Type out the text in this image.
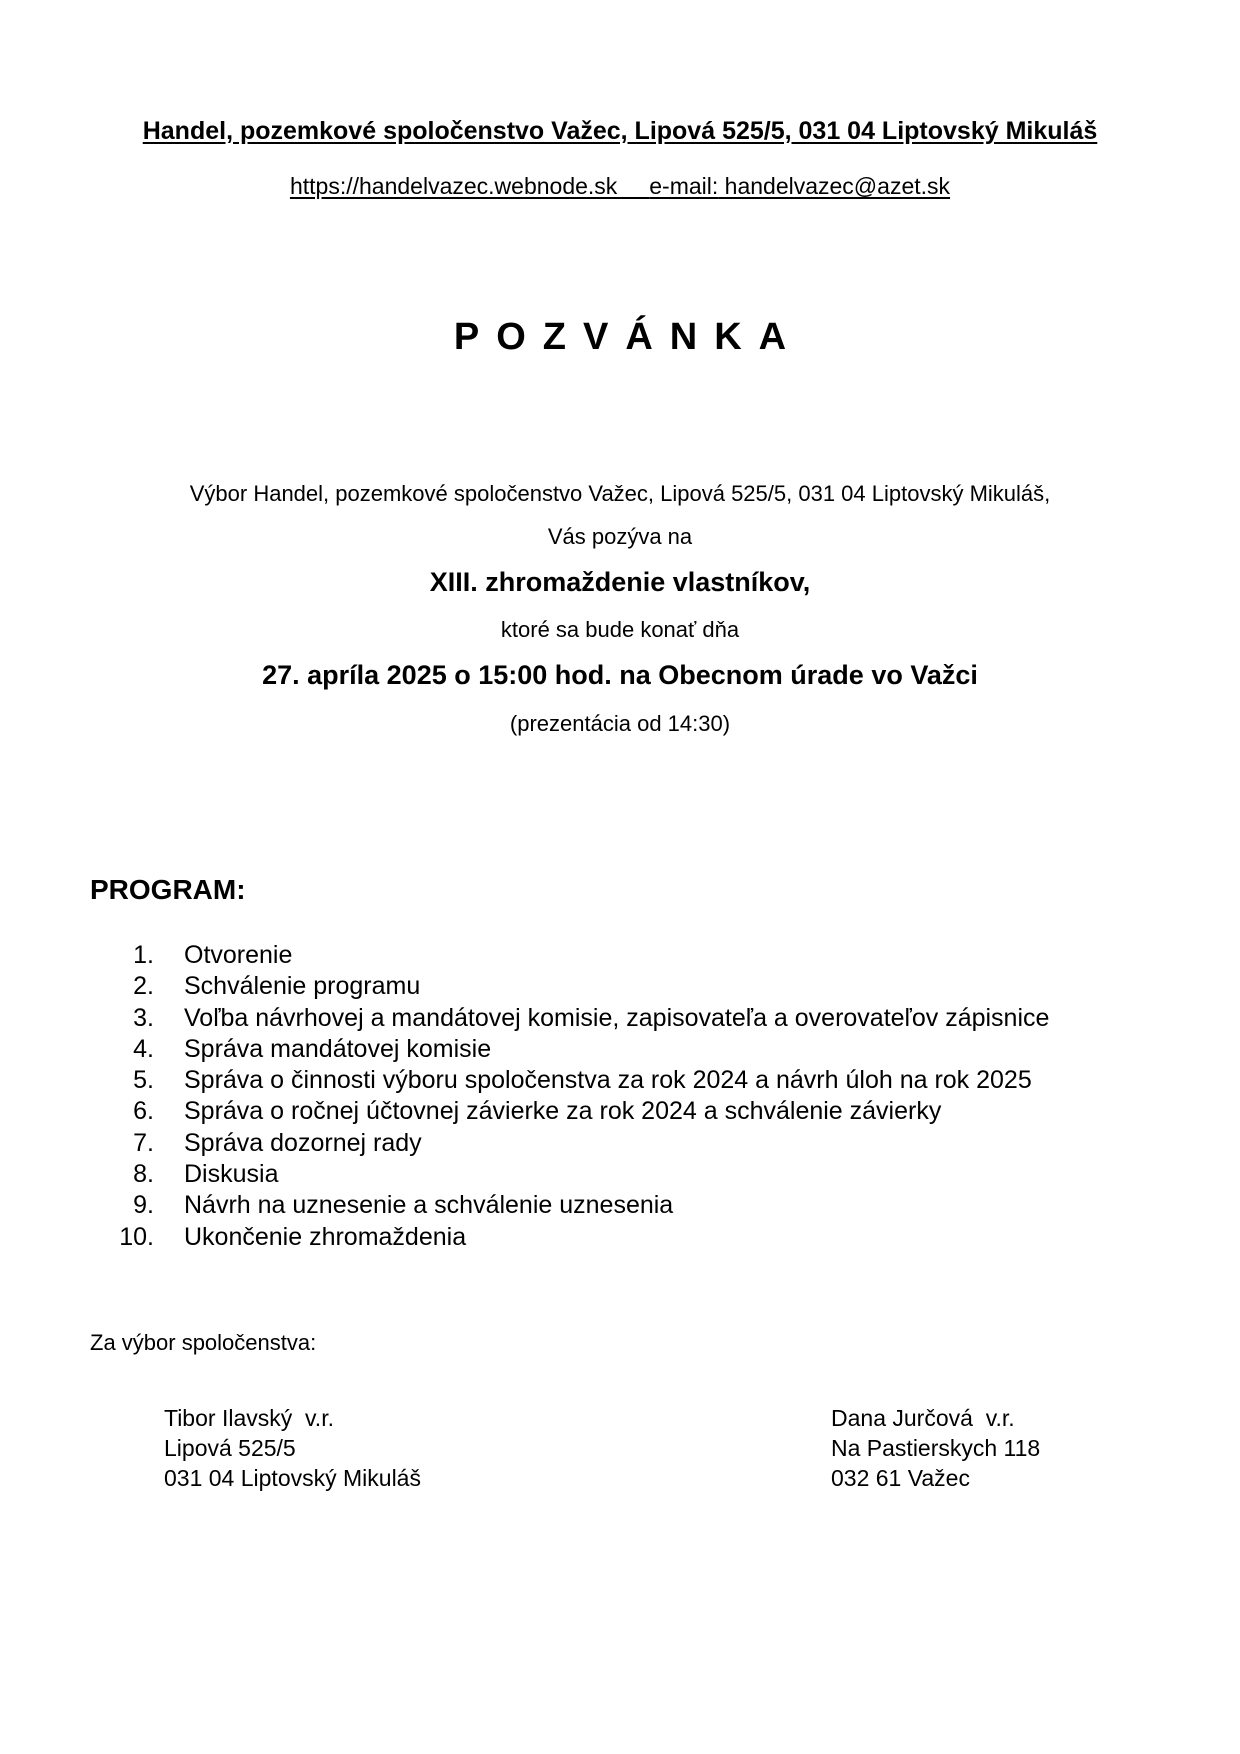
Handel, pozemkové spoločenstvo Važec, Lipová 525/5, 031 04 Liptovský Mikuláš
https://handelvazec.webnode.sk e-mail: handelvazec@azet.sk
POZVÁNKA
Výbor Handel, pozemkové spoločenstvo Važec, Lipová 525/5, 031 04 Liptovský Mikuláš,
Vás pozýva na
XIII. zhromaždenie vlastníkov,
ktoré sa bude konať dňa
27. apríla 2025 o 15:00 hod. na Obecnom úrade vo Važci
(prezentácia od 14:30)
PROGRAM:
1. Otvorenie
2. Schválenie programu
3. Voľba návrhovej a mandátovej komisie, zapisovateľa a overovateľov zápisnice
4. Správa mandátovej komisie
5. Správa o činnosti výboru spoločenstva za rok 2024 a návrh úloh na rok 2025
6. Správa o ročnej účtovnej závierke za rok 2024 a schválenie závierky
7. Správa dozornej rady
8. Diskusia
9. Návrh na uznesenie a schválenie uznesenia
10. Ukončenie zhromaždenia
Za výbor spoločenstva:
Tibor Ilavský  v.r.
Lipová 525/5
031 04 Liptovský Mikuláš
Dana Jurčová  v.r.
Na Pastierskych 118
032 61 Važec
